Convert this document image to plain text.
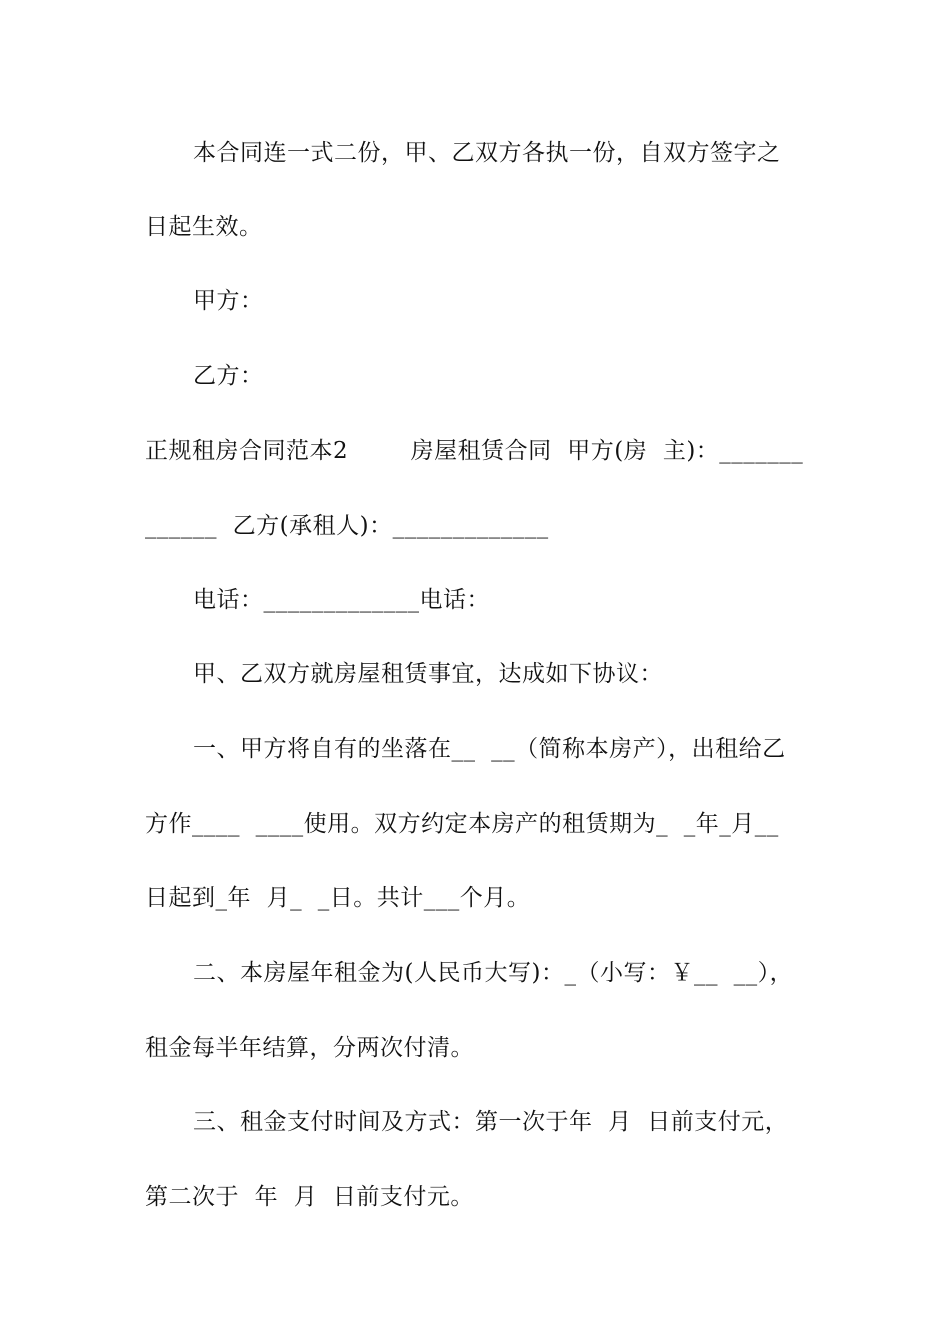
本合同连一式二份，甲、乙双方各执一份，自双方签字之
日起生效。
甲方：
乙方：
正规租房合同范本2        房屋租赁合同  甲方(房  主)：_______
______  乙方(承租人)：_____________
电话：_____________电话：
甲、乙双方就房屋租赁事宜，达成如下协议：
一、甲方将自有的坐落在__  __（简称本房产），出租给乙
方作____  ____使用。双方约定本房产的租赁期为_  _年_月__
日起到_年  月_  _日。共计___个月。
二、本房屋年租金为(人民币大写)：_（小写：￥__  __），
租金每半年结算，分两次付清。
三、租金支付时间及方式：第一次于年  月  日前支付元，
第二次于  年  月  日前支付元。
